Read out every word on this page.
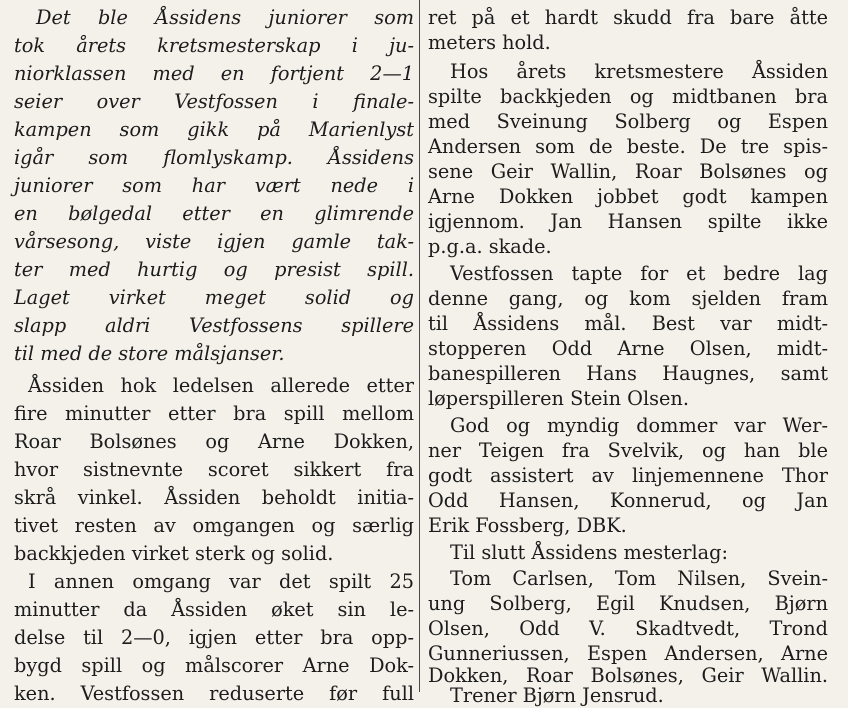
Det ble Åssidens juniorer som
tok årets kretsmesterskap i ju-
niorklassen med en fortjent 2—1
seier over Vestfossen i finale-
kampen som gikk på Marienlyst
igår som flomlyskamp. Åssidens
juniorer som har vært nede i
en bølgedal etter en glimrende
vårsesong, viste igjen gamle tak-
ter med hurtig og presist spill.
Laget virket meget solid og
slapp aldri Vestfossens spillere
til med de store målsjanser.
Åssiden hok ledelsen allerede etter
fire minutter etter bra spill mellom
Roar Bolsønes og Arne Dokken,
hvor sistnevnte scoret sikkert fra
skrå vinkel. Åssiden beholdt initia-
tivet resten av omgangen og særlig
backkjeden virket sterk og solid.
I annen omgang var det spilt 25
minutter da Åssiden øket sin le-
delse til 2—0, igjen etter bra opp-
bygd spill og målscorer Arne Dok-
ken. Vestfossen reduserte før full
ret på et hardt skudd fra bare åtte
meters hold.
Hos årets kretsmestere Åssiden
spilte backkjeden og midtbanen bra
med Sveinung Solberg og Espen
Andersen som de beste. De tre spis-
sene Geir Wallin, Roar Bolsønes og
Arne Dokken jobbet godt kampen
igjennom. Jan Hansen spilte ikke
p.g.a. skade.
Vestfossen tapte for et bedre lag
denne gang, og kom sjelden fram
til Åssidens mål. Best var midt-
stopperen Odd Arne Olsen, midt-
banespilleren Hans Haugnes, samt
løperspilleren Stein Olsen.
God og myndig dommer var Wer-
ner Teigen fra Svelvik, og han ble
godt assistert av linjemennene Thor
Odd Hansen, Konnerud, og Jan
Erik Fossberg, DBK.
Til slutt Åssidens mesterlag:
Tom Carlsen, Tom Nilsen, Svein-
ung Solberg, Egil Knudsen, Bjørn
Olsen, Odd V. Skadtvedt, Trond
Gunneriussen, Espen Andersen, Arne
Dokken, Roar Bolsønes, Geir Wallin.
Trener Bjørn Jensrud.
